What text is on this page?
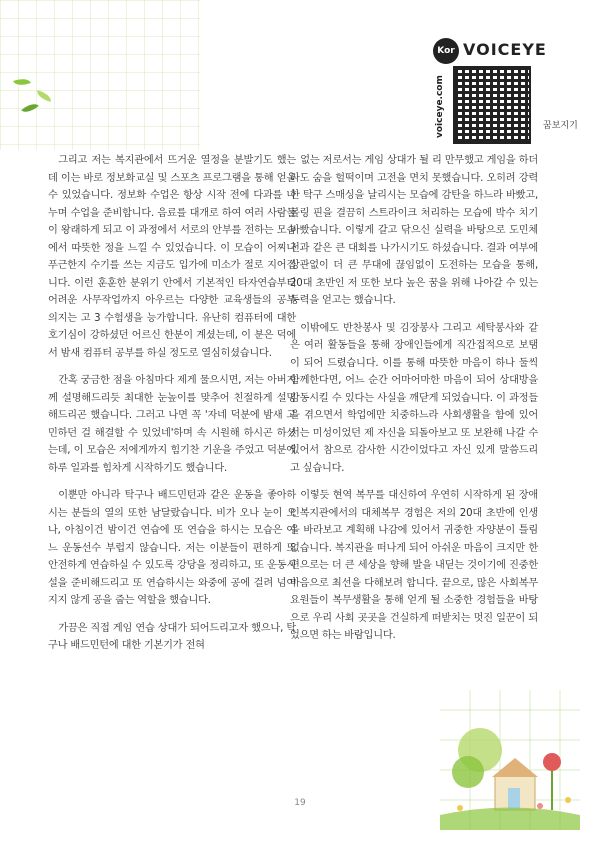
Kor VOICEYE
voiceye.com	꿈보지기

그리고 저는 복지관에서 뜨거운 열정을 분발기도 했는데 이는 바로 정보화교실 및 스포츠 프로그램을 통해 얻을 수 있었습니다. 정보화 수업은 항상 시작 전에 다과를 나누며 수업을 준비합니다. 음료를 대개로 하여 여러 사람들이 왕래하게 되고 이 과정에서 서로의 안부를 전하는 모습에서 따뜻한 정을 느낄 수 있었습니다. 이 모습이 어찌나 푸근한지 수기를 쓰는 지금도 입가에 미소가 절로 지어집니다. 이런 훈훈한 분위기 안에서 기본적인 타자연습부터 어려운 사무작업까지 아우르는 다양한 교육생들의 공부 의지는 고 3 수험생을 능가합니다. 유난히 컴퓨터에 대한 호기심이 강하셨던 어르신 한분이 계셨는데, 이 분은 덕에서 밤새 컴퓨터 공부를 하실 정도로 열심히셨습니다.

간혹 궁금한 점을 아침마다 제게 물으시면, 저는 아버지께 설명해드리듯 최대한 눈높이를 맞추어 친절하게 설명해드리곤 했습니다. 그러고 나면 꼭 '자네 덕분에 밤새 고민하던 걸 해결할 수 있었네'하며 속 시원해 하시곤 하셨는데, 이 모습은 저에게까지 힘기찬 기운을 주었고 덕분에 하루 일과를 힘차게 시작하기도 했습니다.

이뿐만 아니라 탁구나 배드민턴과 같은 운동을 좋아하시는 분들의 열의 또한 남달랐습니다. 비가 오나 눈이 오나, 아침이건 밤이건 연습에 또 연습을 하시는 모습은 여느 운동선수 부럽지 않습니다. 저는 이분들이 편하게 또 안전하게 연습하실 수 있도록 강당을 정리하고, 또 운동시설을 준비해드리고 또 연습하시는 와중에 공에 걸려 넘어지지 않게 공을 줍는 역할을 했습니다.

가끔은 직접 게임 연습 상대가 되어드리고자 했으나, 탁구나 배드민턴에 대한 기본기가 전혀

없는 저로서는 게임 상대가 될 리 만무했고 게임을 하더라도 숨을 헐떡이며 고전을 면치 못했습니다. 오히려 강력한 탁구 스매싱을 날리시는 모습에 감탄을 하느라 바빴고, 볼링 핀을 결끔히 스트라이크 처리하는 모습에 박수 치기 바빴습니다. 이렇게 갈고 닦으신 실력을 바탕으로 도민체전과 같은 큰 대회를 나가시기도 하셨습니다. 결과 여부에 상관없이 더 큰 무대에 끊임없이 도전하는 모습을 통해, 20대 초반인 저 또한 보다 높은 꿈을 위해 나아갈 수 있는 동력을 얻고는 했습니다.

이밖에도 반찬봉사 및 김장봉사 그리고 세탁봉사와 같은 여러 활동들을 통해 장애인들에게 직간접적으로 보탬이 되어 드렸습니다. 이를 통해 따뜻한 마음이 하나 둘씩 함께한다면, 어느 순간 어마어마한 마음이 되어 상대방을 감동시킬 수 있다는 사실을 깨닫게 되었습니다. 이 과정들을 겪으면서 학업에만 치중하느라 사회생활을 함에 있어서는 미성이었던 제 자신을 되돌아보고 또 보완해 나갈 수 있어서 참으로 감사한 시간이었다고 자신 있게 말씀드리고 싶습니다.

이렇듯 현역 복무를 대신하여 우연히 시작하게 된 장애인복지관에서의 대체복무 경험은 저의 20대 초반에 인생을 바라보고 계획해 나감에 있어서 귀중한 자양분이 틀림없습니다. 복지관을 떠나게 되어 아쉬운 마음이 크지만 한편으로는 더 큰 세상을 향해 발을 내딛는 것이기에 진중한 마음으로 최선을 다해보려 합니다. 끝으로, 많은 사회복무요원들이 복무생활을 통해 얻게 될 소중한 경험들을 바탕으로 우리 사회 곳곳을 건실하게 떠받치는 멋진 일꾼이 되었으면 하는 바람입니다.

19
